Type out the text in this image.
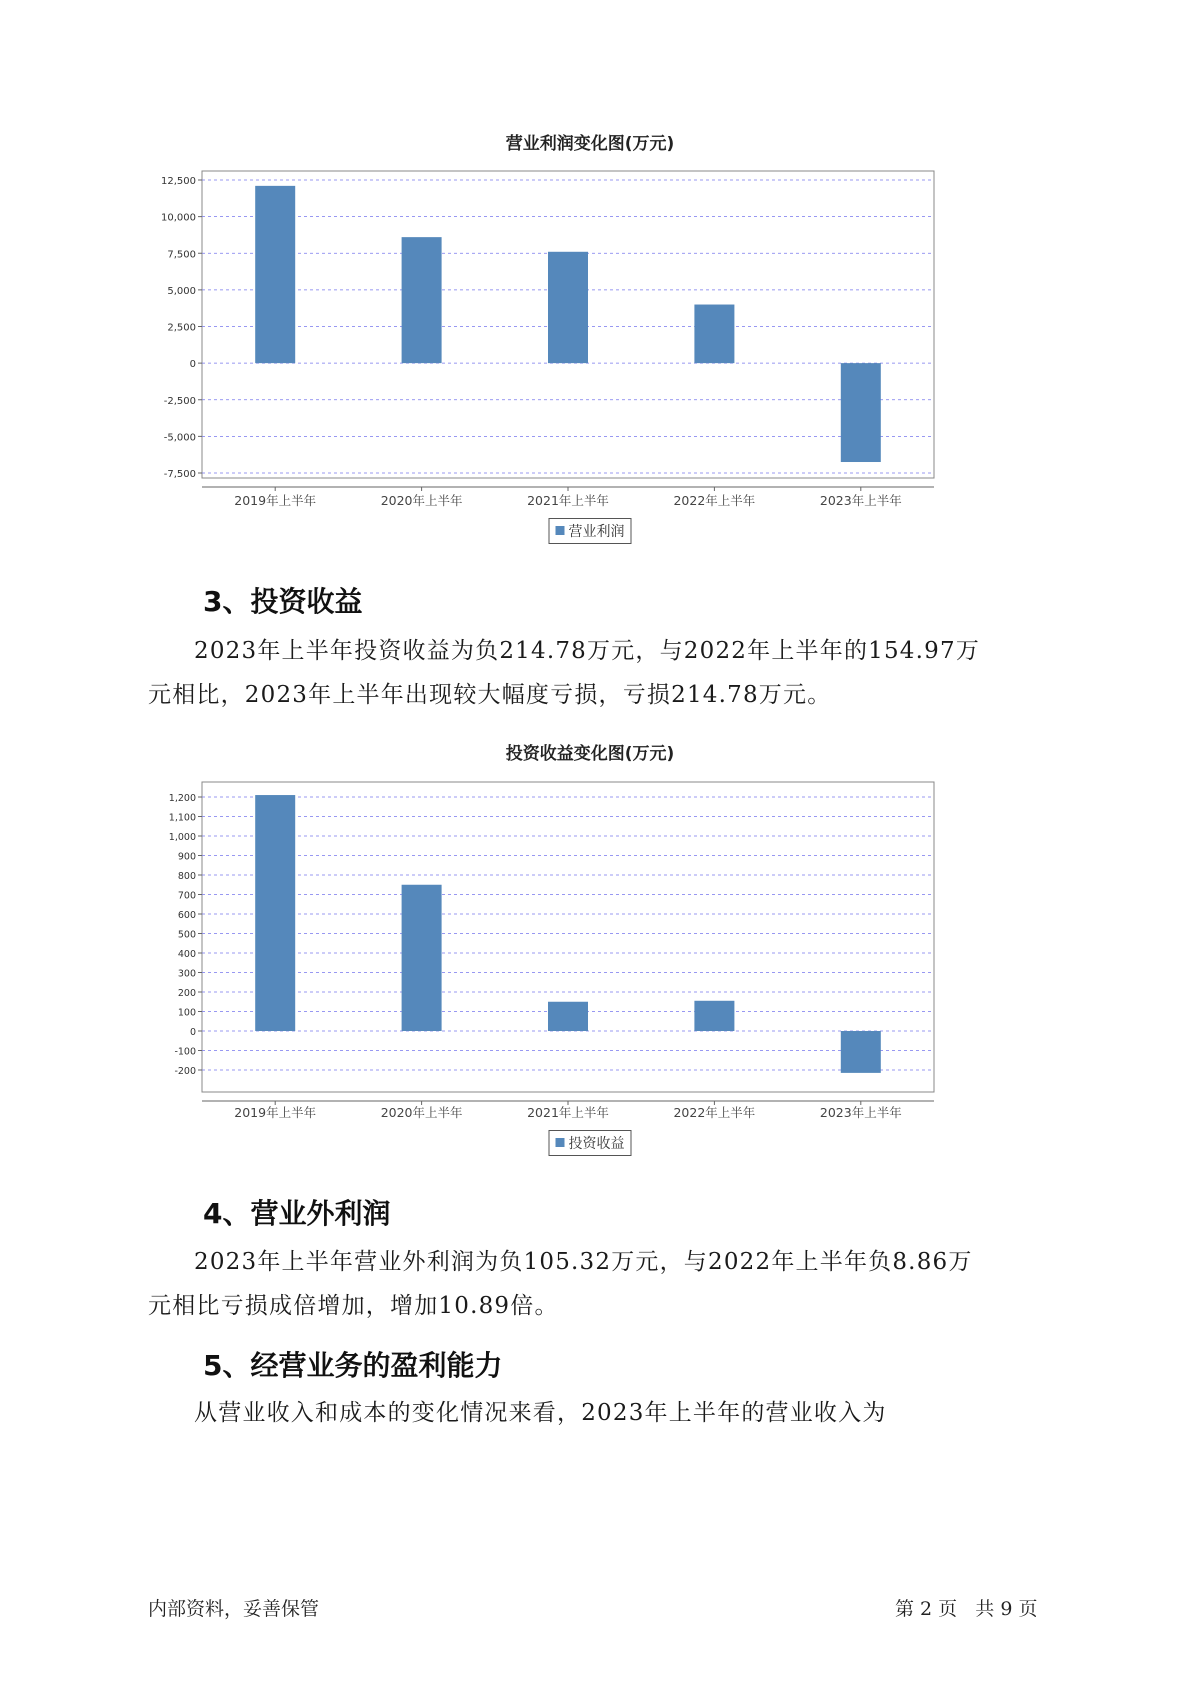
营业利润变化图(万元)
12,500
10,000
7,500
5,000
2,500
0
-2,500
-5,000
-7,500
2019年上半年	2020年上半年	2021年上半年	2022年上半年	2023年上半年
营业利润
3、投资收益

2023年上半年投资收益为负214.78万元，与2022年上半年的154.97万
元相比，2023年上半年出现较大幅度亏损，亏损214.78万元。

投资收益变化图(万元)
1,200
1,100
1,000
900
800
700
600
500
400
300
200
100
0
-100
-200
2019年上半年	2020年上半年	2021年上半年	2022年上半年	2023年上半年
投资收益
4、营业外利润

2023年上半年营业外利润为负105.32万元，与2022年上半年负8.86万
元相比亏损成倍增加，增加10.89倍。

5、经营业务的盈利能力

从营业收入和成本的变化情况来看，2023年上半年的营业收入为

内部资料，妥善保管	第 2 页   共 9 页
